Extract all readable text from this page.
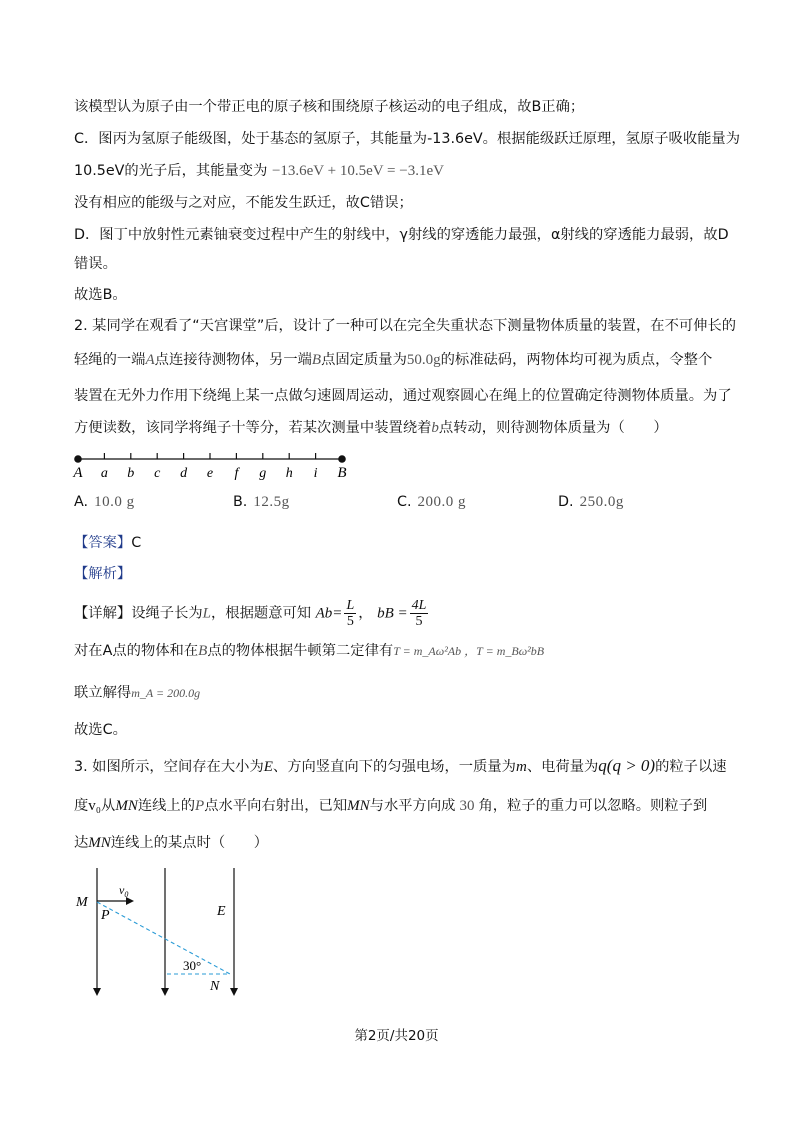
该模型认为原子由一个带正电的原子核和围绕原子核运动的电子组成，故B正确；
C．图丙为氢原子能级图，处于基态的氢原子，其能量为-13.6eV。根据能级跃迁原理，氢原子吸收能量为
10.5eV的光子后，其能量变为 −13.6eV + 10.5eV = −3.1eV
没有相应的能级与之对应，不能发生跃迁，故C错误；
D．图丁中放射性元素铀衰变过程中产生的射线中，γ射线的穿透能力最强，α射线的穿透能力最弱，故D
错误。
故选B。
2. 某同学在观看了“天宫课堂”后，设计了一种可以在完全失重状态下测量物体质量的装置，在不可伸长的
轻绳的一端A点连接待测物体，另一端B点固定质量为50.0g的标准砝码，两物体均可视为质点，令整个
装置在无外力作用下绕绳上某一点做匀速圆周运动，通过观察圆心在绳上的位置确定待测物体质量。为了
方便读数，该同学将绳子十等分，若某次测量中装置绕着b点转动，则待测物体质量为（　　）
A a b c d e f g h i B
A. 10.0 g	B. 12.5g	C. 200.0 g	D. 250.0g
【答案】C
【解析】
【详解】设绳子长为L，根据题意可知 $Ab= \frac{L}{5}$ ， bB = $\frac{4L}{5}$
对在A点的物体和在B点的物体根据牛顿第二定律有T = m_Aω²Ab ，T = m_Bω²bB
联立解得m_A = 200.0g
故选C。
3. 如图所示，空间存在大小为E、方向竖直向下的匀强电场，一质量为m、电荷量为q(q > 0)的粒子以速
度v₀从MN连线上的P点水平向右射出，已知MN与水平方向成 30 角，粒子的重力可以忽略。则粒子到
达MN连线上的某点时（　　）
M
$v_0$
P	E
30°
N
第2页/共20页
